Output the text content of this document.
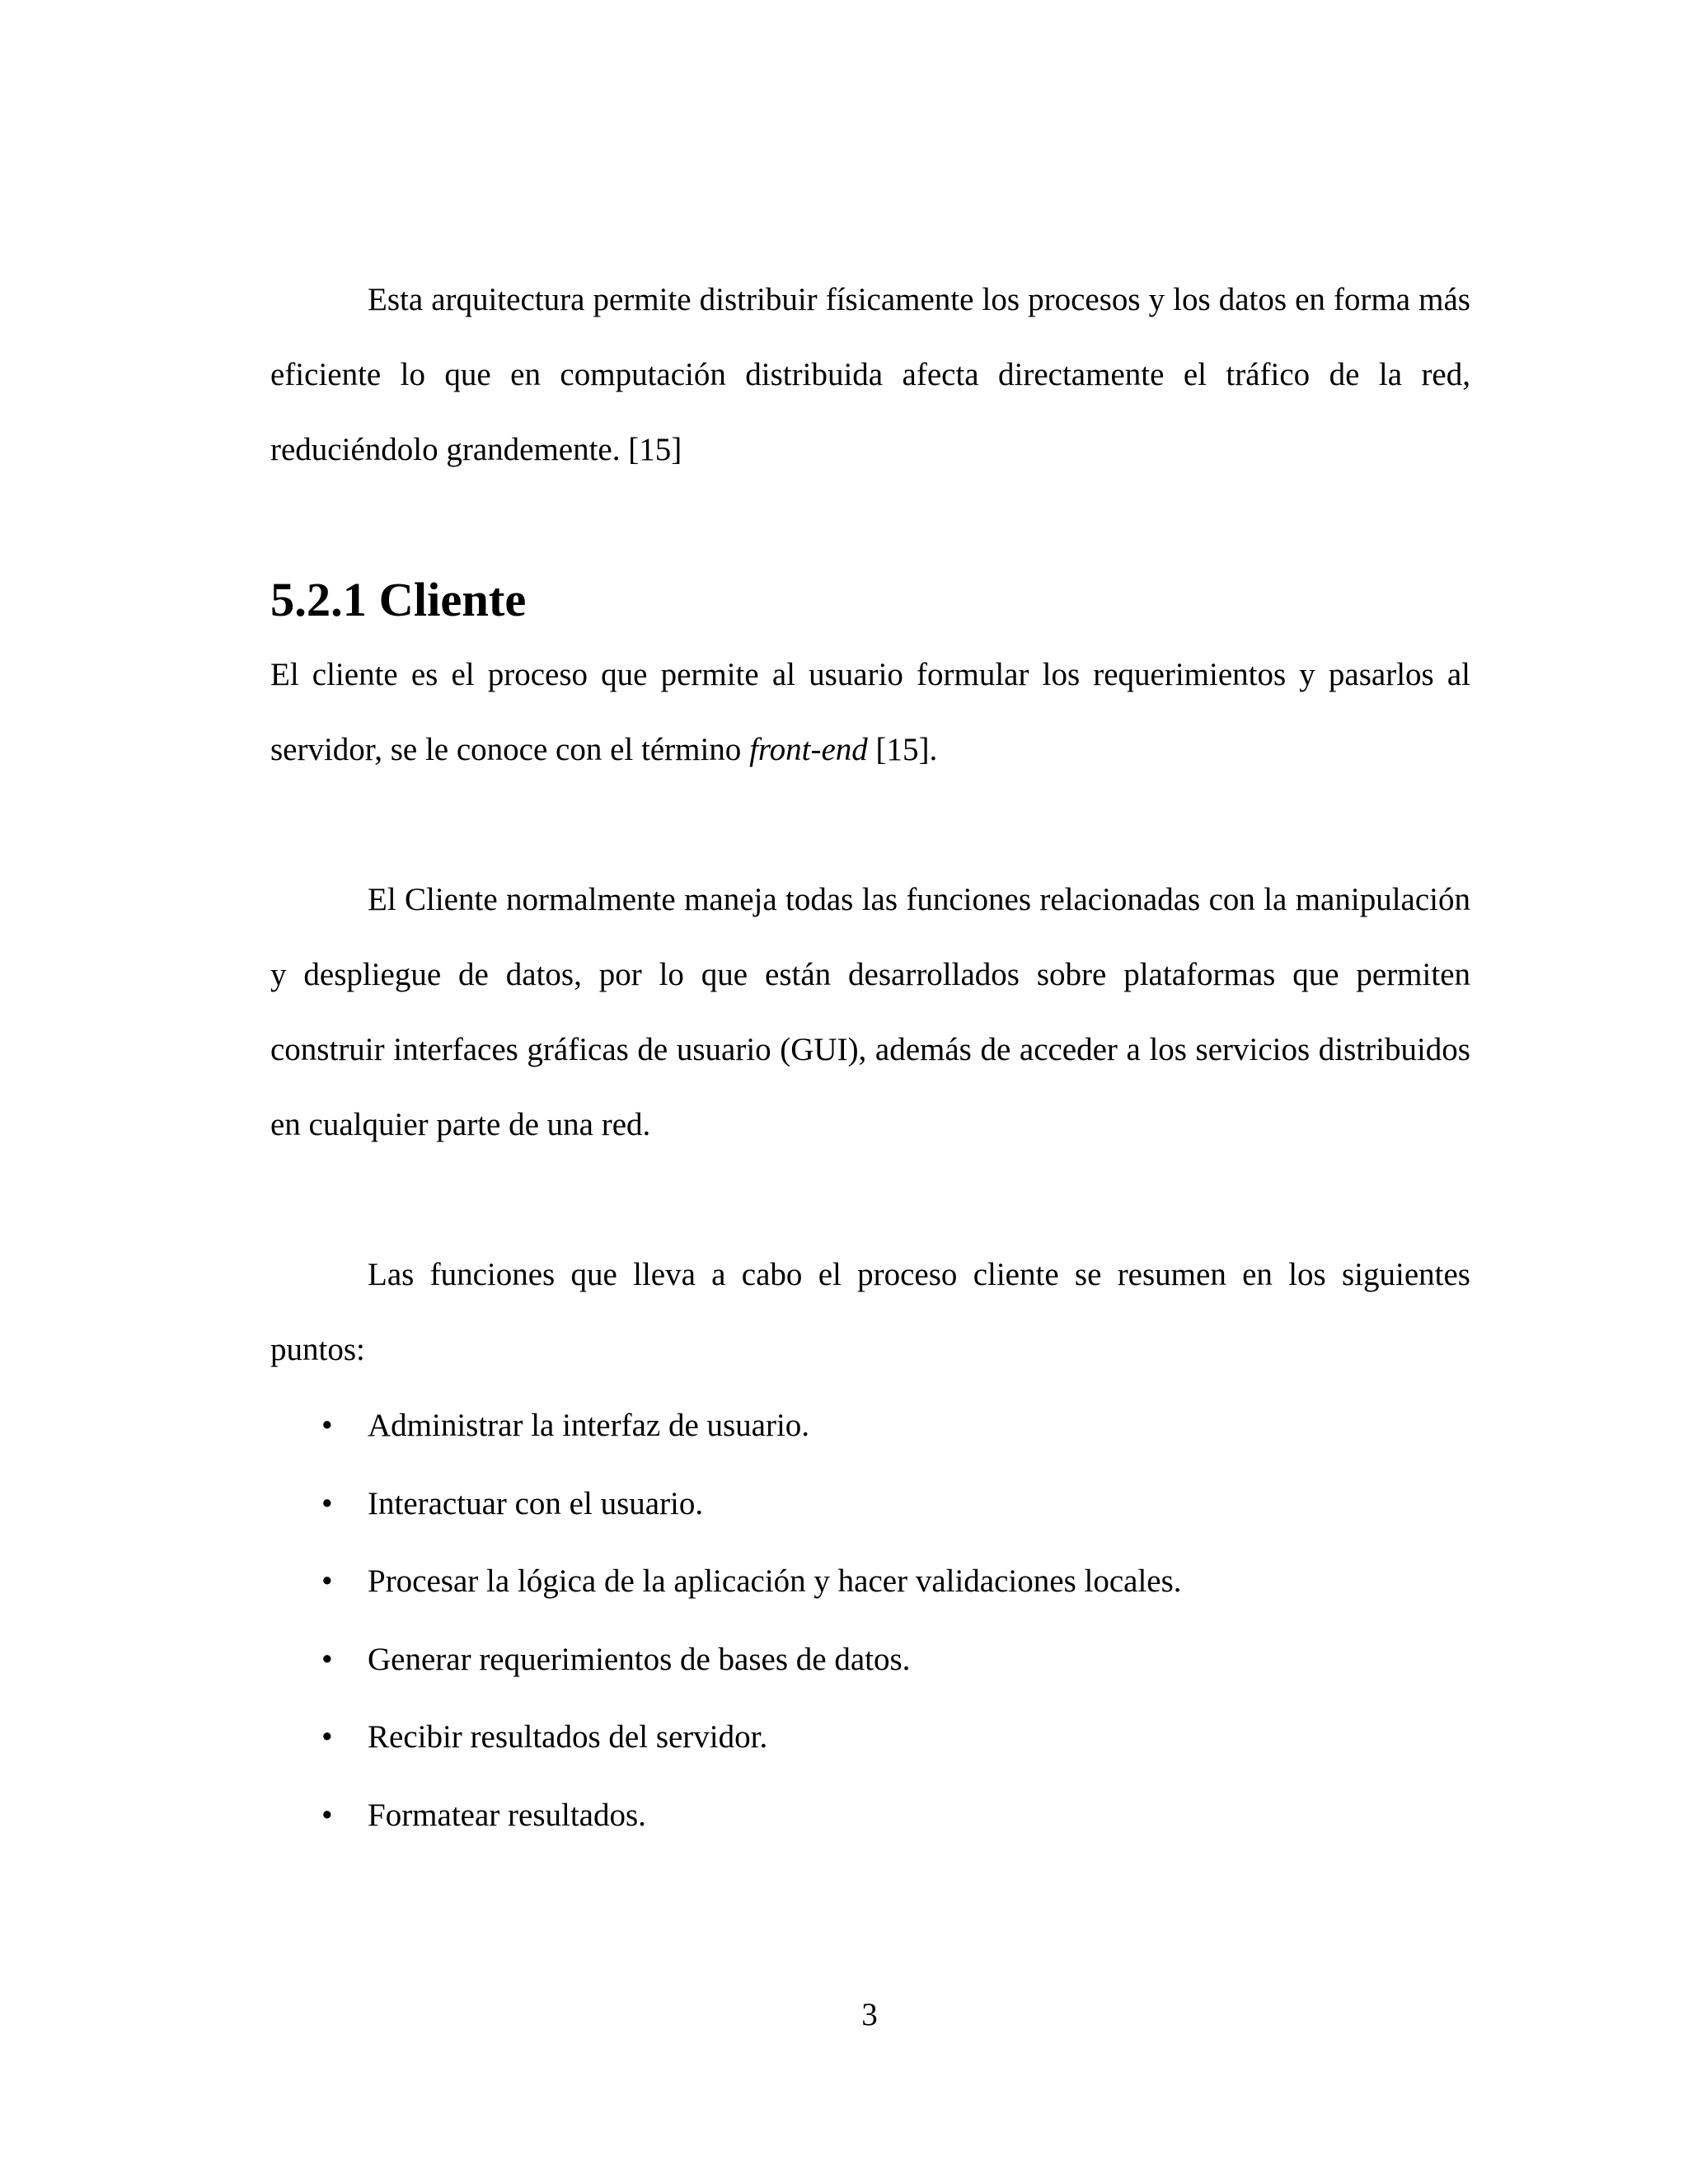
Esta arquitectura permite distribuir físicamente los procesos y los datos en forma más eficiente lo que en computación distribuida afecta directamente el tráfico de la red, reduciéndolo grandemente. [15]

5.2.1 Cliente

El cliente es el proceso que permite al usuario formular los requerimientos y pasarlos al servidor, se le conoce con el término front-end [15].

El Cliente normalmente maneja todas las funciones relacionadas con la manipulación y despliegue de datos, por lo que están desarrollados sobre plataformas que permiten construir interfaces gráficas de usuario (GUI), además de acceder a los servicios distribuidos en cualquier parte de una red.

Las funciones que lleva a cabo el proceso cliente se resumen en los siguientes puntos:

• Administrar la interfaz de usuario.
• Interactuar con el usuario.
• Procesar la lógica de la aplicación y hacer validaciones locales.
• Generar requerimientos de bases de datos.
• Recibir resultados del servidor.
• Formatear resultados.
3
